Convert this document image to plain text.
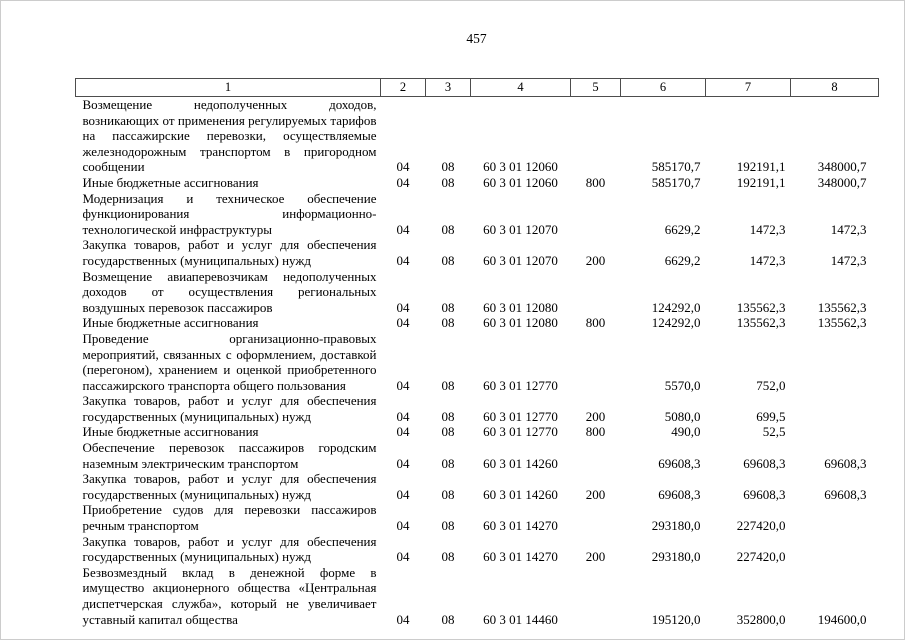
457
1	2	3	4	5	6	7	8
Возмещение недополученных доходов, возникающих от применения регулируемых тарифов на пассажирские перевозки, осуществляемые железнодорожным транспортом в пригородном сообщении	04	08	60 3 01 12060		585170,7	192191,1	348000,7
Иные бюджетные ассигнования	04	08	60 3 01 12060	800	585170,7	192191,1	348000,7
Модернизация и техническое обеспечение функционирования информационно-технологической инфраструктуры	04	08	60 3 01 12070		6629,2	1472,3	1472,3
Закупка товаров, работ и услуг для обеспечения государственных (муниципальных) нужд	04	08	60 3 01 12070	200	6629,2	1472,3	1472,3
Возмещение авиаперевозчикам недополученных доходов от осуществления региональных воздушных перевозок пассажиров	04	08	60 3 01 12080		124292,0	135562,3	135562,3
Иные бюджетные ассигнования	04	08	60 3 01 12080	800	124292,0	135562,3	135562,3
Проведение организационно-правовых мероприятий, связанных с оформлением, доставкой (перегоном), хранением и оценкой приобретенного пассажирского транспорта общего пользования	04	08	60 3 01 12770		5570,0	752,0	
Закупка товаров, работ и услуг для обеспечения государственных (муниципальных) нужд	04	08	60 3 01 12770	200	5080,0	699,5	
Иные бюджетные ассигнования	04	08	60 3 01 12770	800	490,0	52,5	
Обеспечение перевозок пассажиров городским наземным электрическим транспортом	04	08	60 3 01 14260		69608,3	69608,3	69608,3
Закупка товаров, работ и услуг для обеспечения государственных (муниципальных) нужд	04	08	60 3 01 14260	200	69608,3	69608,3	69608,3
Приобретение судов для перевозки пассажиров речным транспортом	04	08	60 3 01 14270		293180,0	227420,0	
Закупка товаров, работ и услуг для обеспечения государственных (муниципальных) нужд	04	08	60 3 01 14270	200	293180,0	227420,0	
Безвозмездный вклад в денежной форме в имущество акционерного общества «Центральная диспетчерская служба», который не увеличивает уставный капитал общества	04	08	60 3 01 14460		195120,0	352800,0	194600,0
